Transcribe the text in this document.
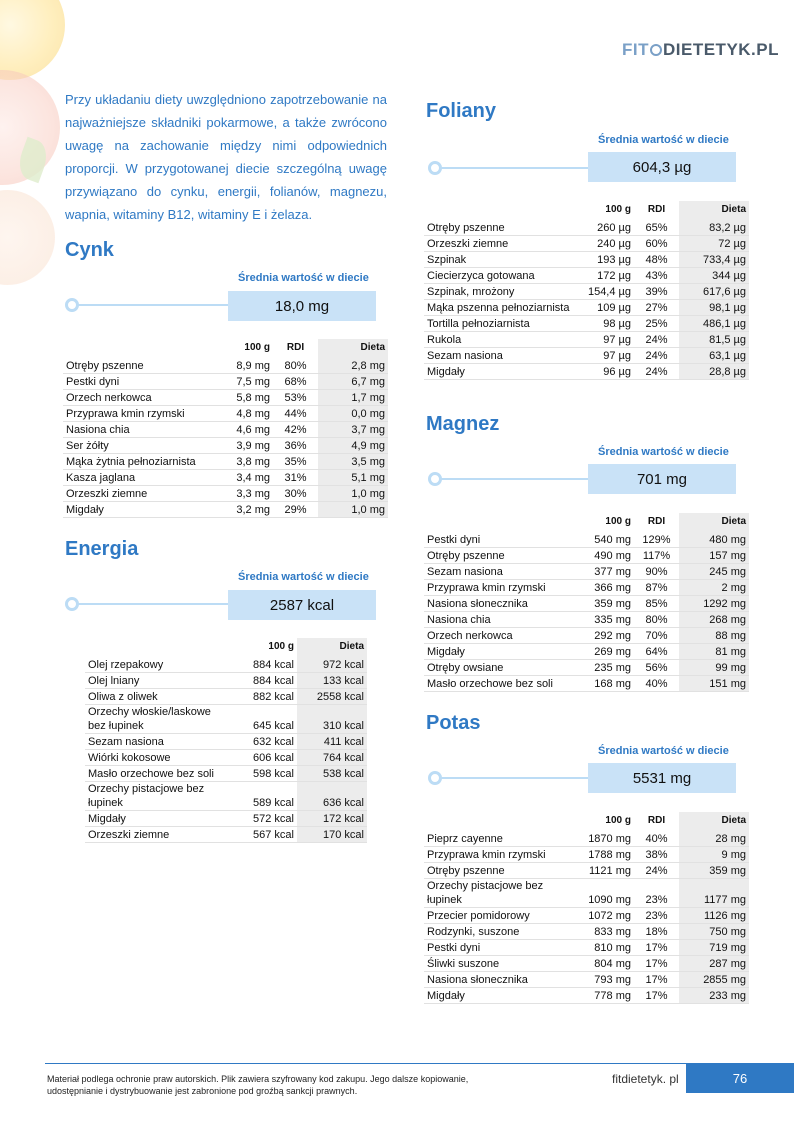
FIT DIETETYK.PL

Przy układaniu diety uwzględniono zapotrzebowanie na najważniejsze składniki pokarmowe, a także zwrócono uwagę na zachowanie między nimi odpowiednich proporcji. W przygotowanej diecie szczególną uwagę przywiązano do cynku, energii, folianów, magnezu, wapnia, witaminy B12, witaminy E i żelaza.

Cynk
Średnia wartość w diecie
18,0 mg
	100 g	RDI	Dieta
Otręby pszenne	8,9 mg	80%	2,8 mg
Pestki dyni	7,5 mg	68%	6,7 mg
Orzech nerkowca	5,8 mg	53%	1,7 mg
Przyprawa kmin rzymski	4,8 mg	44%	0,0 mg
Nasiona chia	4,6 mg	42%	3,7 mg
Ser żółty	3,9 mg	36%	4,9 mg
Mąka żytnia pełnoziarnista	3,8 mg	35%	3,5 mg
Kasza jaglana	3,4 mg	31%	5,1 mg
Orzeszki ziemne	3,3 mg	30%	1,0 mg
Migdały	3,2 mg	29%	1,0 mg
Energia
Średnia wartość w diecie
2587 kcal
	100 g	Dieta
Olej rzepakowy	884 kcal	972 kcal
Olej lniany	884 kcal	133 kcal
Oliwa z oliwek	882 kcal	2558 kcal
Orzechy włoskie/laskowe bez łupinek	645 kcal	310 kcal
Sezam nasiona	632 kcal	411 kcal
Wiórki kokosowe	606 kcal	764 kcal
Masło orzechowe bez soli	598 kcal	538 kcal
Orzechy pistacjowe bez łupinek	589 kcal	636 kcal
Migdały	572 kcal	172 kcal
Orzeszki ziemne	567 kcal	170 kcal
Foliany
Średnia wartość w diecie
604,3 µg
	100 g	RDI	Dieta
Otręby pszenne	260 µg	65%	83,2 µg
Orzeszki ziemne	240 µg	60%	72 µg
Szpinak	193 µg	48%	733,4 µg
Ciecierzyca gotowana	172 µg	43%	344 µg
Szpinak, mrożony	154,4 µg	39%	617,6 µg
Mąka pszenna pełnoziarnista	109 µg	27%	98,1 µg
Tortilla pełnoziarnista	98 µg	25%	486,1 µg
Rukola	97 µg	24%	81,5 µg
Sezam nasiona	97 µg	24%	63,1 µg
Migdały	96 µg	24%	28,8 µg
Magnez
Średnia wartość w diecie
701 mg
	100 g	RDI	Dieta
Pestki dyni	540 mg	129%	480 mg
Otręby pszenne	490 mg	117%	157 mg
Sezam nasiona	377 mg	90%	245 mg
Przyprawa kmin rzymski	366 mg	87%	2 mg
Nasiona słonecznika	359 mg	85%	1292 mg
Nasiona chia	335 mg	80%	268 mg
Orzech nerkowca	292 mg	70%	88 mg
Migdały	269 mg	64%	81 mg
Otręby owsiane	235 mg	56%	99 mg
Masło orzechowe bez soli	168 mg	40%	151 mg
Potas
Średnia wartość w diecie
5531 mg
	100 g	RDI	Dieta
Pieprz cayenne	1870 mg	40%	28 mg
Przyprawa kmin rzymski	1788 mg	38%	9 mg
Otręby pszenne	1121 mg	24%	359 mg
Orzechy pistacjowe bez łupinek	1090 mg	23%	1177 mg
Przecier pomidorowy	1072 mg	23%	1126 mg
Rodzynki, suszone	833 mg	18%	750 mg
Pestki dyni	810 mg	17%	719 mg
Śliwki suszone	804 mg	17%	287 mg
Nasiona słonecznika	793 mg	17%	2855 mg
Migdały	778 mg	17%	233 mg

Materiał podlega ochronie praw autorskich. Plik zawiera szyfrowany kod zakupu. Jego dalsze kopiowanie, udostępnianie i dystrybuowanie jest zabronione pod groźbą sankcji prawnych.

fitdietetyk. pl	76
